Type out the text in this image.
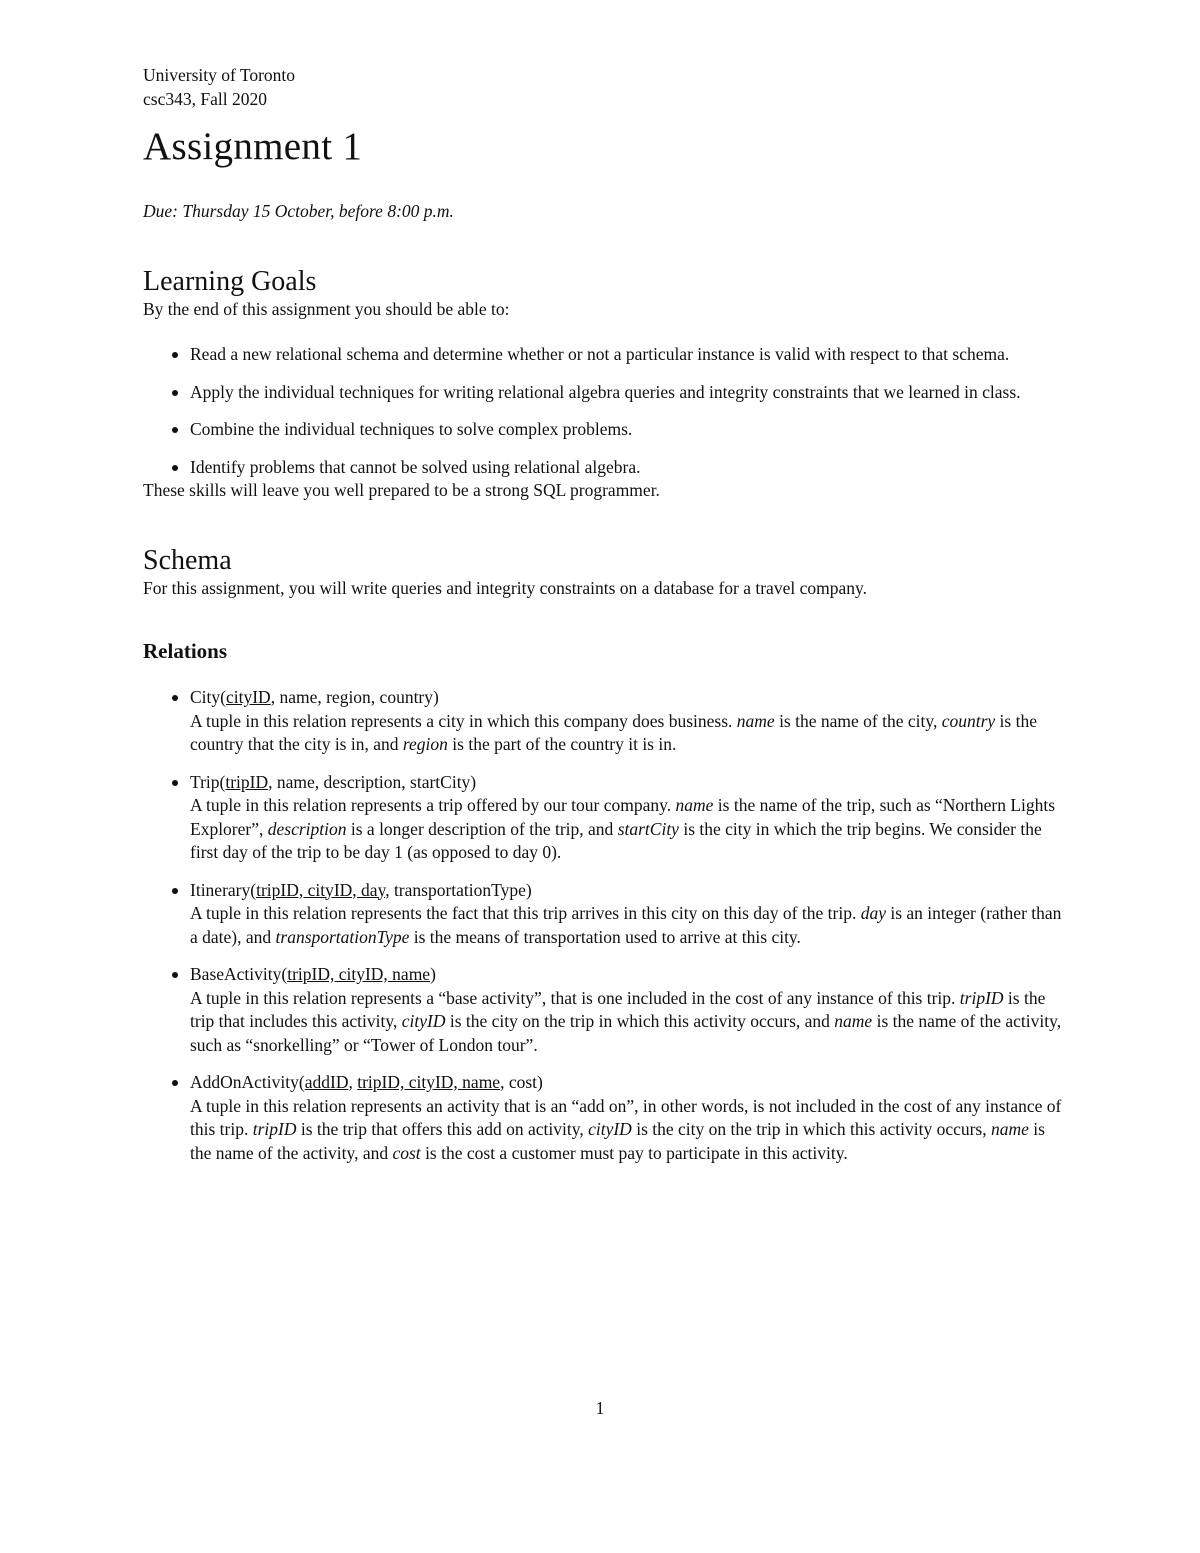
University of Toronto

csc343, Fall 2020

Assignment 1

Due: Thursday 15 October, before 8:00 p.m.

Learning Goals

By the end of this assignment you should be able to:

Read a new relational schema and determine whether or not a particular instance is valid with respect to that schema.
Apply the individual techniques for writing relational algebra queries and integrity constraints that we learned in class.
Combine the individual techniques to solve complex problems.
Identify problems that cannot be solved using relational algebra.

These skills will leave you well prepared to be a strong SQL programmer.

Schema

For this assignment, you will write queries and integrity constraints on a database for a travel company.

Relations
City(cityID, name, region, country)
A tuple in this relation represents a city in which this company does business. name is the name of the city, country is the country that the city is in, and region is the part of the country it is in.
Trip(tripID, name, description, startCity)
A tuple in this relation represents a trip offered by our tour company. name is the name of the trip, such as “Northern Lights Explorer”, description is a longer description of the trip, and startCity is the city in which the trip begins. We consider the first day of the trip to be day 1 (as opposed to day 0).
Itinerary(tripID, cityID, day, transportationType)
A tuple in this relation represents the fact that this trip arrives in this city on this day of the trip. day is an integer (rather than a date), and transportationType is the means of transportation used to arrive at this city.
BaseActivity(tripID, cityID, name)
A tuple in this relation represents a “base activity”, that is one included in the cost of any instance of this trip. tripID is the trip that includes this activity, cityID is the city on the trip in which this activity occurs, and name is the name of the activity, such as “snorkelling” or “Tower of London tour”.
AddOnActivity(addID, tripID, cityID, name, cost)
A tuple in this relation represents an activity that is an “add on”, in other words, is not included in the cost of any instance of this trip. tripID is the trip that offers this add on activity, cityID is the city on the trip in which this activity occurs, name is the name of the activity, and cost is the cost a customer must pay to participate in this activity.
1
